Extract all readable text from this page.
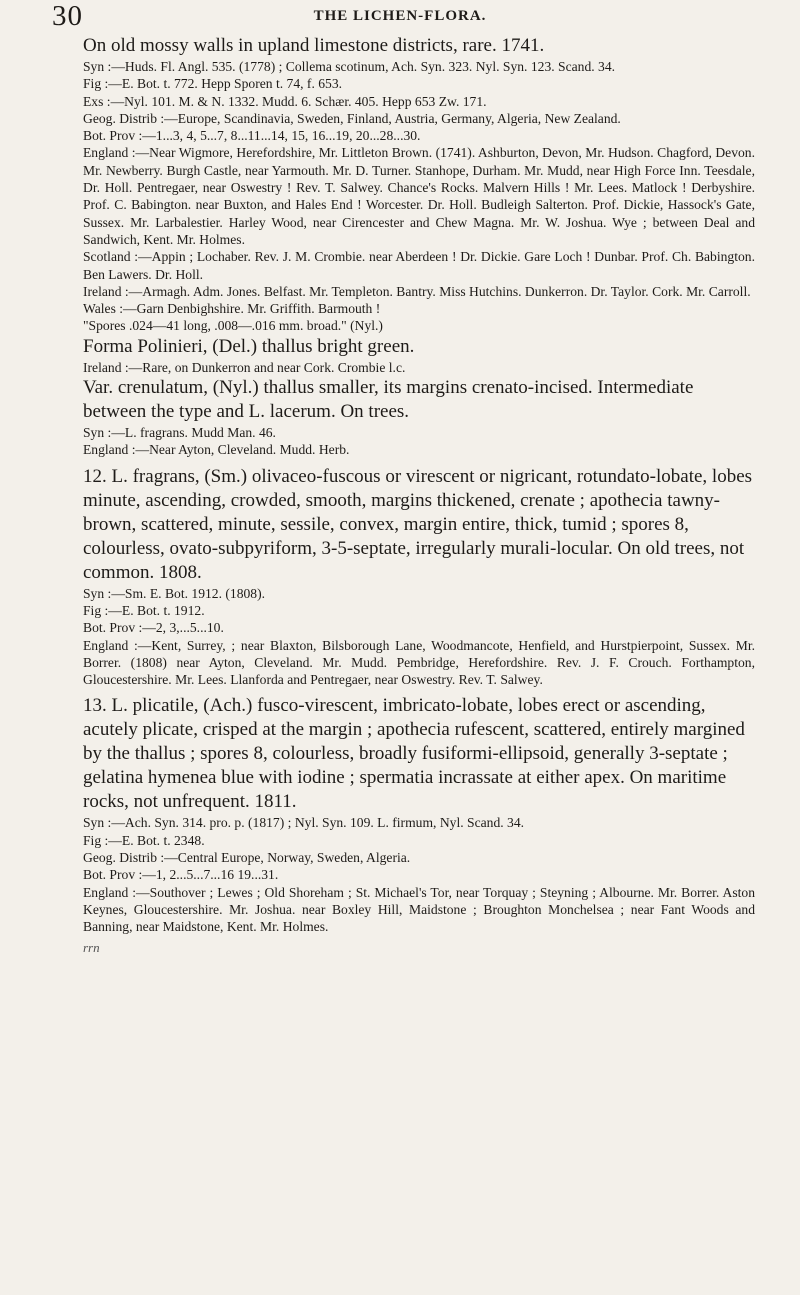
30	THE LICHEN-FLORA.

On old mossy walls in upland limestone districts, rare. 1741.

Syn :—Huds. Fl. Angl. 535. (1778) ; Collema scotinum, Ach. Syn. 323. Nyl. Syn. 123. Scand. 34.

Fig :—E. Bot. t. 772. Hepp Sporen t. 74, f. 653.

Exs :—Nyl. 101. M. & N. 1332. Mudd. 6. Schær. 405. Hepp 653 Zw. 171.

Geog. Distrib :—Europe, Scandinavia, Sweden, Finland, Austria, Germany, Algeria, New Zealand.

Bot. Prov :—1...3, 4, 5...7, 8...11...14, 15, 16...19, 20...28...30.

England :—Near Wigmore, Herefordshire, Mr. Littleton Brown. (1741). Ashburton, Devon, Mr. Hudson. Chagford, Devon. Mr. Newberry. Burgh Castle, near Yarmouth. Mr. D. Turner. Stanhope, Durham. Mr. Mudd, near High Force Inn. Teesdale, Dr. Holl. Pentregaer, near Oswestry ! Rev. T. Salwey. Chance's Rocks. Malvern Hills ! Mr. Lees. Matlock ! Derbyshire. Prof. C. Babington. near Buxton, and Hales End ! Worcester. Dr. Holl. Budleigh Salterton. Prof. Dickie, Hassock's Gate, Sussex. Mr. Larbalestier. Harley Wood, near Cirencester and Chew Magna. Mr. W. Joshua. Wye ; between Deal and Sandwich, Kent. Mr. Holmes.

Scotland :—Appin ; Lochaber. Rev. J. M. Crombie. near Aberdeen ! Dr. Dickie. Gare Loch ! Dunbar. Prof. Ch. Babington. Ben Lawers. Dr. Holl.

Ireland :—Armagh. Adm. Jones. Belfast. Mr. Templeton. Bantry. Miss Hutchins. Dunkerron. Dr. Taylor. Cork. Mr. Carroll.

Wales :—Garn Denbighshire. Mr. Griffith. Barmouth !

"Spores .024—41 long, .008—.016 mm. broad." (Nyl.)

Forma Polinieri, (Del.) thallus bright green.

Ireland :—Rare, on Dunkerron and near Cork. Crombie l.c.

Var. crenulatum, (Nyl.) thallus smaller, its margins crenato-incised. Intermediate between the type and L. lacerum. On trees.

Syn :—L. fragrans. Mudd Man. 46.

England :—Near Ayton, Cleveland. Mudd. Herb.

12. L. fragrans, (Sm.) olivaceo-fuscous or virescent or nigricant, rotundato-lobate, lobes minute, ascending, crowded, smooth, margins thickened, crenate ; apothecia tawny-brown, scattered, minute, sessile, convex, margin entire, thick, tumid ; spores 8, colourless, ovato-subpyriform, 3-5-septate, irregularly murali-locular. On old trees, not common. 1808.

Syn :—Sm. E. Bot. 1912. (1808).

Fig :—E. Bot. t. 1912.

Bot. Prov :—2, 3,...5...10.

England :—Kent, Surrey, ; near Blaxton, Bilsborough Lane, Woodmancote, Henfield, and Hurstpierpoint, Sussex. Mr. Borrer. (1808) near Ayton, Cleveland. Mr. Mudd. Pembridge, Herefordshire. Rev. J. F. Crouch. Forthampton, Gloucestershire. Mr. Lees. Llanforda and Pentregaer, near Oswestry. Rev. T. Salwey.

13. L. plicatile, (Ach.) fusco-virescent, imbricato-lobate, lobes erect or ascending, acutely plicate, crisped at the margin ; apothecia rufescent, scattered, entirely margined by the thallus ; spores 8, colourless, broadly fusiformi-ellipsoid, generally 3-septate ; gelatina hymenea blue with iodine ; spermatia incrassate at either apex. On maritime rocks, not unfrequent. 1811.

Syn :—Ach. Syn. 314. pro. p. (1817) ; Nyl. Syn. 109. L. firmum, Nyl. Scand. 34.

Fig :—E. Bot. t. 2348.

Geog. Distrib :—Central Europe, Norway, Sweden, Algeria.

Bot. Prov :—1, 2...5...7...16 19...31.

England :—Southover ; Lewes ; Old Shoreham ; St. Michael's Tor, near Torquay ; Steyning ; Albourne. Mr. Borrer. Aston Keynes, Gloucestershire. Mr. Joshua. near Boxley Hill, Maidstone ; Broughton Monchelsea ; near Fant Woods and Banning, near Maidstone, Kent. Mr. Holmes.

rrn
